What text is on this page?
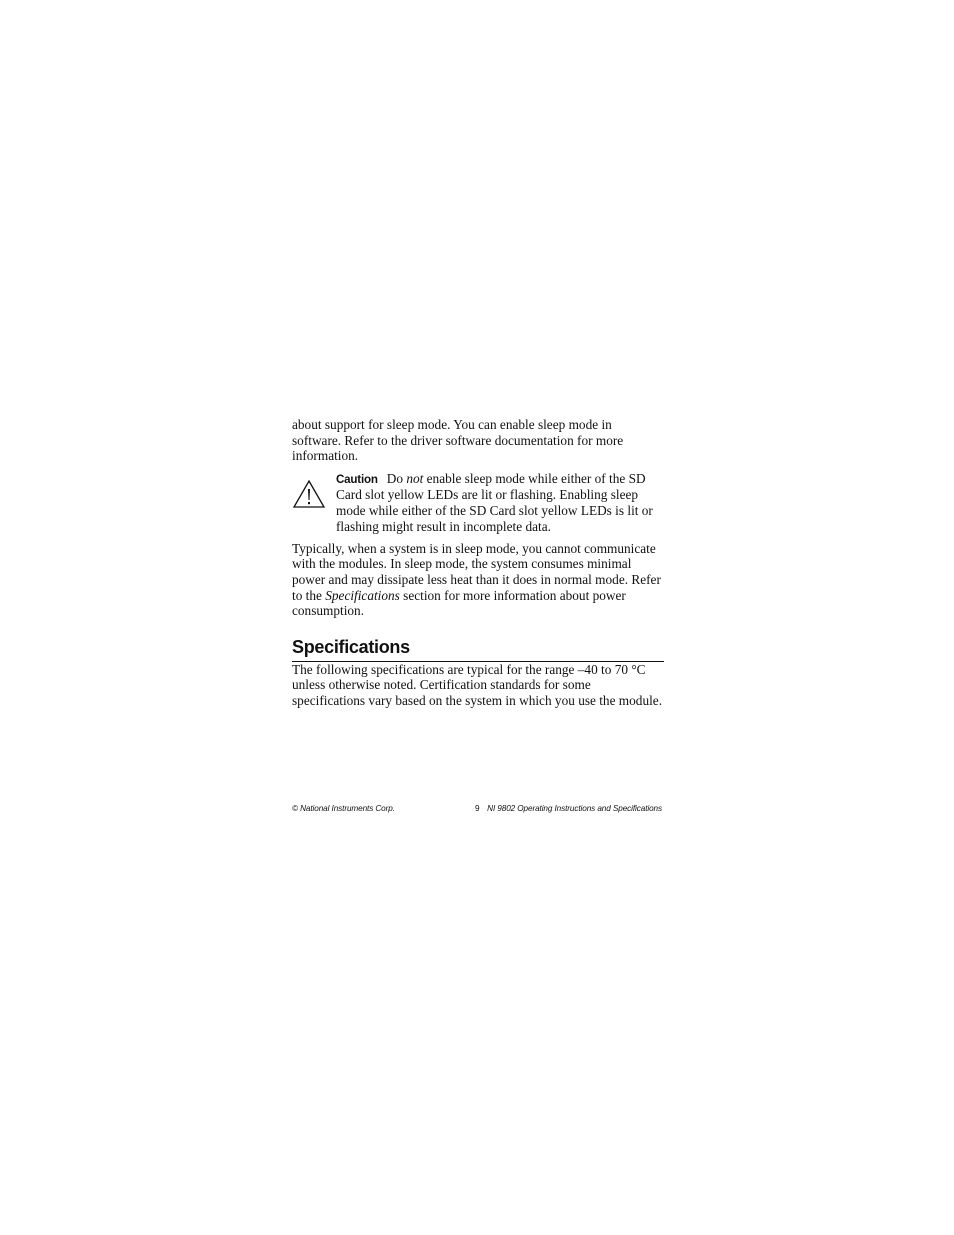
about support for sleep mode. You can enable sleep mode in software. Refer to the driver software documentation for more information.

Caution Do not enable sleep mode while either of the SD Card slot yellow LEDs are lit or flashing. Enabling sleep mode while either of the SD Card slot yellow LEDs is lit or flashing might result in incomplete data.

Typically, when a system is in sleep mode, you cannot communicate with the modules. In sleep mode, the system consumes minimal power and may dissipate less heat than it does in normal mode. Refer to the Specifications section for more information about power consumption.

Specifications

The following specifications are typical for the range –40 to 70 °C unless otherwise noted. Certification standards for some specifications vary based on the system in which you use the module.

© National Instruments Corp.	9 NI 9802 Operating Instructions and Specifications
